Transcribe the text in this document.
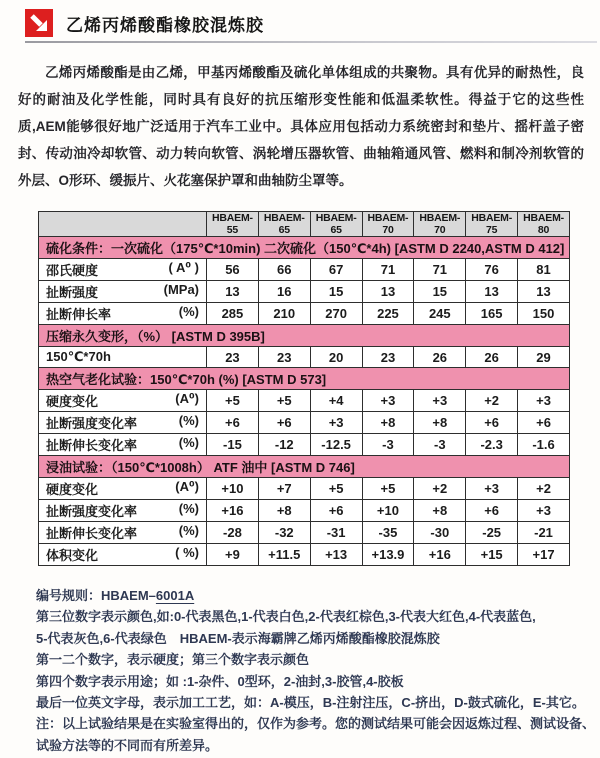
乙烯丙烯酸酯橡胶混炼胶

乙烯丙烯酸酯是由乙烯，甲基丙烯酸酯及硫化单体组成的共聚物。具有优异的耐热性，良好的耐油及化学性能，同时具有良好的抗压缩形变性能和低温柔软性。得益于它的这些性质,AEM能够很好地广泛适用于汽车工业中。具体应用包括动力系统密封和垫片、摇杆盖子密封、传动油冷却软管、动力转向软管、涡轮增压器软管、曲轴箱通风管、燃料和制冷剂软管的外层、O形环、缓振片、火花塞保护罩和曲轴防尘罩等。

	HBAEM-55	HBAEM-65	HBAEM-65	HBAEM-70	HBAEM-70	HBAEM-75	HBAEM-80
硫化条件：一次硫化（175℃*10min) 二次硫化（150℃*4h) [ASTM D 2240,ASTM D 412]							
邵氏硬度 ( A⁰ )	56	66	67	71	71	76	81
扯断强度 (MPa)	13	16	15	13	15	13	13
扯断伸长率 (%)	285	210	270	225	245	165	150
压缩永久变形，（%） [ASTM D 395B]							
150℃*70h	23	23	20	23	26	26	29
热空气老化试验：150℃*70h (%) [ASTM D 573]							
硬度变化 (A⁰)	+5	+5	+4	+3	+3	+2	+3
扯断强度变化率 (%)	+6	+6	+3	+8	+8	+6	+6
扯断伸长变化率 (%)	-15	-12	-12.5	-3	-3	-2.3	-1.6
浸油试验：（150℃*1008h） ATF 油中 [ASTM D 746]							
硬度变化 (A⁰)	+10	+7	+5	+5	+2	+3	+2
扯断强度变化率 (%)	+16	+8	+6	+10	+8	+6	+3
扯断伸长变化率 (%)	-28	-32	-31	-35	-30	-25	-21
体积变化 ( %)	+9	+11.5	+13	+13.9	+16	+15	+17
编号规则：HBAEM–6001A
第三位数字表示颜色,如:0-代表黑色,1-代表白色,2-代表红棕色,3-代表大红色,4-代表蓝色,
5-代表灰色,6-代表绿色　HBAEM-表示海霸牌乙烯丙烯酸酯橡胶混炼胶
第一二个数字，表示硬度；第三个数字表示颜色
第四个数字表示用途；如 :1-杂件、0型环，2-油封,3-胶管,4-胶板
最后一位英文字母，表示加工工艺，如：A-模压，B-注射注压，C-挤出，D-鼓式硫化，E-其它。
注：以上试验结果是在实验室得出的，仅作为参考。您的测试结果可能会因返炼过程、测试设备、
试验方法等的不同而有所差异。
